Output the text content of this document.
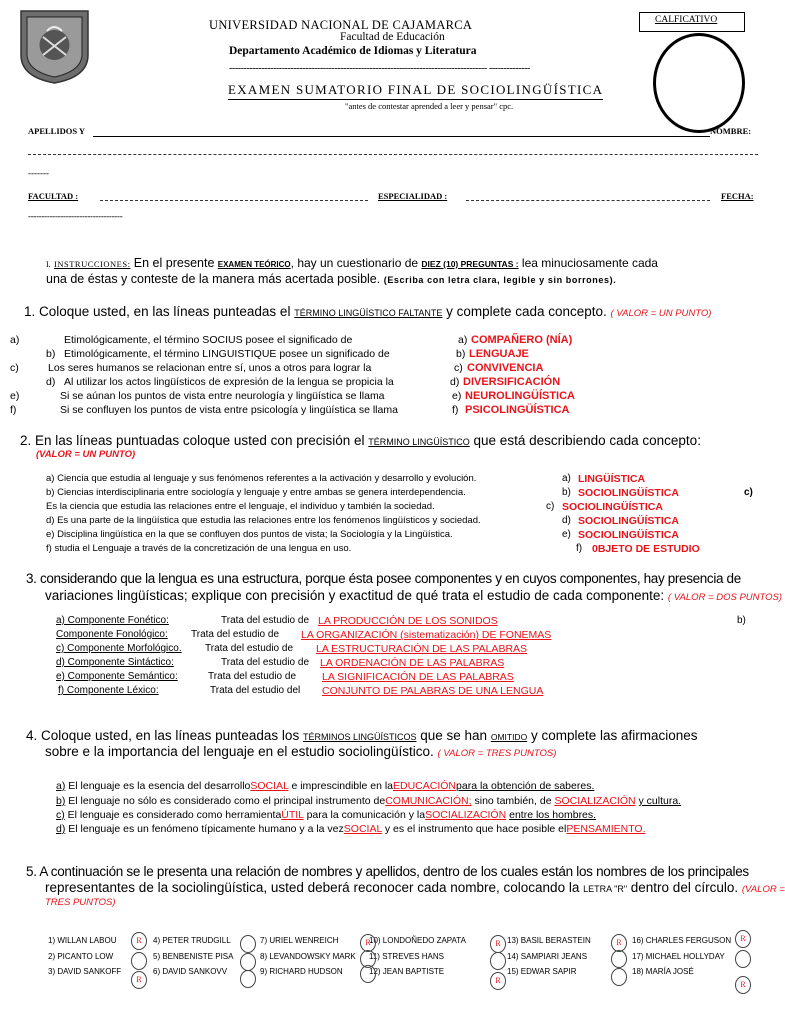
UNIVERSIDAD NACIONAL DE CAJAMARCA
Facultad de Educación
Departamento Académico de Idiomas y Literatura
---------------------------------------------------------------------------------------- --------------
EXAMEN SUMATORIO FINAL DE SOCIOLINGÜÍSTICA
"antes de contestar aprended a leer y pensar" cpc.
CALFICATIVO
APELLIDOS Y	NOMBRE:
-------
FACULTAD :	ESPECIALIDAD :	FECHA:
-----------------------------------
I. INSTRUCCIONES: En el presente EXAMEN TEÓRICO, hay un cuestionario de DIEZ (10) PREGUNTAS : lea minuciosamente cada
una de éstas y conteste de la manera más acertada posible. (Escriba con letra clara, legible y sin borrones).
1. Coloque usted, en las líneas punteadas el TÉRMINO LINGÜÍSTICO FALTANTE y complete cada concepto. ( VALOR = UN PUNTO)
2. En las líneas puntuadas coloque usted con precisión el TÉRMINO LINGÜÍSTICO que está describiendo cada concepto:
(VALOR = UN PUNTO)
c)
3. considerando que la lengua es una estructura, porque ésta posee componentes y en cuyos componentes, hay presencia de
variaciones lingüísticas; explique con precisión y exactitud de qué trata el estudio de cada componente: ( VALOR = DOS PUNTOS)
b)
4. Coloque usted, en las líneas punteadas los TÉRMINOS LINGÜÍSTICOS que se han OMITIDO y complete las afirmaciones
sobre e la importancia del lenguaje en el estudio sociolingüístico. ( VALOR = TRES PUNTOS)
a) El lenguaje es la esencia del desarrolloSOCIAL e imprescindible en laEDUCACIÓNpara la obtención de saberes.
b) El lenguaje no sólo es considerado como el principal instrumento deCOMUNICACIÓN; sino también, de SOCIALIZACIÓN y cultura.
c) El lenguaje es considerado como herramientaÚTIL para la comunicación y laSOCIALIZACIÓN entre los hombres.
d) El lenguaje es un fenómeno típicamente humano y a la vezSOCIAL y es el instrumento que hace posible elPENSAMIENTO.
5. A continuación se le presenta una relación de nombres y apellidos, dentro de los cuales están los nombres de los principales
representantes de la sociolingüística, usted deberá reconocer cada nombre, colocando la LETRA "R" dentro del círculo. (VALOR =
TRES PUNTOS)
a)	Etimológicamente, el término SOCIUS posee el significado de	a) COMPAÑERO (NÍA)
b) Etimológicamente, el término LINGUISTIQUE posee un significado de	b) LENGUAJE
c)	Los seres humanos se relacionan entre sí, unos a otros para lograr la	c) CONVIVENCIA
d) Al utilizar los actos lingüísticos de expresión de la lengua se propicia la	d) DIVERSIFICACIÓN
e)	Si se aúnan los puntos de vista entre neurología y lingüística se llama	e) NEUROLINGÜÍSTICA
f)	Si se confluyen los puntos de vista entre psicología y lingüística se llama	f) PSICOLINGÜÍSTICA
a) Ciencia que estudia al lenguaje y sus fenómenos referentes a la activación y desarrollo y evolución.	a) LINGÜÍSTICA
b) Ciencias interdisciplinaria entre sociología y lenguaje y entre ambas se genera interdependencia.	b) SOCIOLINGÜÍSTICA
Es la ciencia que estudia las relaciones entre el lenguaje, el individuo y también la sociedad.	c) SOCIOLINGÜÍSTICA
d) Es una parte de la lingüística que estudia las relaciones entre los fenómenos lingüísticos y sociedad.	d) SOCIOLINGÜÍSTICA
e) Disciplina lingüística en la que se confluyen dos puntos de vista; la Sociología y la Lingüística.	e) SOCIOLINGÜÍSTICA
f) studia el Lenguaje a través de la concretización de una lengua en uso.	f) 0BJETO DE ESTUDIO
a) Componente Fonético:	Trata del estudio de LA PRODUCCIÓN DE LOS SONIDOS
Componente Fonológico: Trata del estudio de LA ORGANIZACIÓN (sistematización) DE FONEMAS
c) Componente Morfológico. Trata del estudio de LA ESTRUCTURACIÓN DE LAS PALABRAS
d) Componente Sintáctico:	Trata del estudio de LA ORDENACIÓN DE LAS PALABRAS
e) Componente Semántico:	Trata del estudio de LA SIGNIFICACIÓN DE LAS PALABRAS
f) Componente Léxico:	Trata del estudio del CONJUNTO DE PALABRAS DE UNA LENGUA
1) WILLAN LABOU
2) PICANTO LOW
3) DAVID SANKOFF
4) PETER TRUDGILL
5) BENBENISTE PISA
6) DAVID SANKOVV
7) URIEL WENREICH
8) LEVANDOWSKY MARK
9) RICHARD HUDSON
10) LONDOÑEDO ZAPATA
11) STREVES HANS
12) JEAN BAPTISTE
13) BASIL BERASTEIN
14) SAMPIARI JEANS
15) EDWAR SAPIR
16) CHARLES FERGUSON
17) MICHAEL HOLLYDAY
18) MARÍA JOSÉ
R
R
R	R
R
R	R
R
